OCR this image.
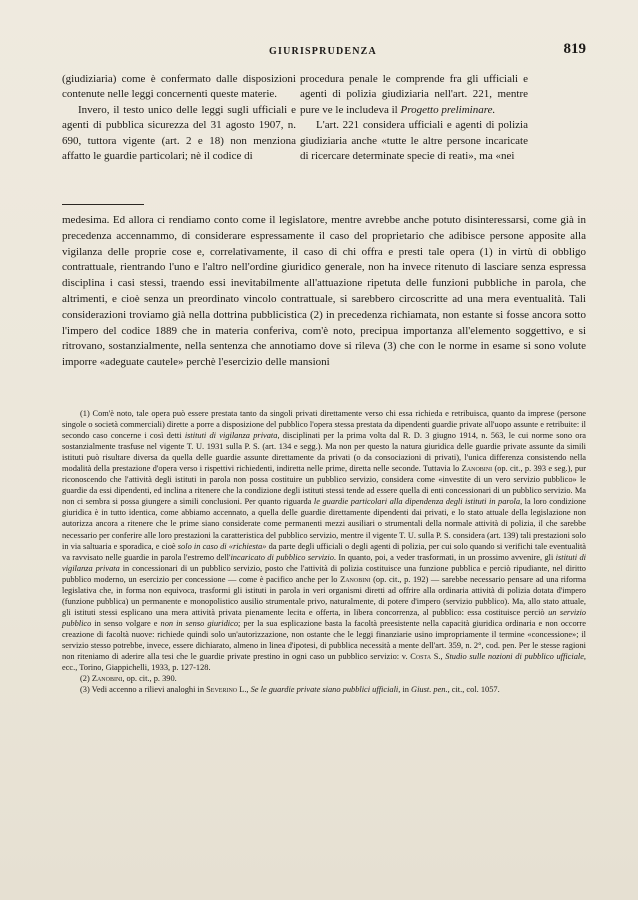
GIURISPRUDENZA	819

(giudiziaria) come è confermato dalle disposizioni contenute nelle leggi concernenti queste materie.

Invero, il testo unico delle leggi sugli ufficiali e agenti di pubblica sicurezza del 31 agosto 1907, n. 690, tuttora vigente (art. 2 e 18) non menziona affatto le guardie particolari; nè il codice di

procedura penale le comprende fra gli ufficiali e agenti di polizia giudiziaria nell'art. 221, mentre pure ve le includeva il Progetto preliminare.

L'art. 221 considera ufficiali e agenti di polizia giudiziaria anche «tutte le altre persone incaricate di ricercare determinate specie di reati», ma «nei

medesima. Ed allora ci rendiamo conto come il legislatore, mentre avrebbe anche potuto disinteressarsi, come già in precedenza accennammo, di considerare espressamente il caso del proprietario che adibisce persone apposite alla vigilanza delle proprie cose e, correlativamente, il caso di chi offra e presti tale opera (1) in virtù di obbligo contrattuale, rientrando l'uno e l'altro nell'ordine giuridico generale, non ha invece ritenuto di lasciare senza espressa disciplina i casi stessi, traendo essi inevitabilmente all'attuazione ripetuta delle funzioni pubbliche in parola, che altrimenti, e cioè senza un preordinato vincolo contrattuale, si sarebbero circoscritte ad una mera eventualità. Tali considerazioni troviamo già nella dottrina pubblicistica (2) in precedenza richiamata, non estante si fosse ancora sotto l'impero del codice 1889 che in materia conferiva, com'è noto, precipua importanza all'elemento soggettivo, e si ritrovano, sostanzialmente, nella sentenza che annotiamo dove si rileva (3) che con le norme in esame si sono volute imporre «adeguate cautele» perchè l'esercizio delle mansioni

(1) Com'è noto, tale opera può essere prestata tanto da singoli privati direttamente verso chi essa richieda e retribuisca, quanto da imprese (persone singole o società commerciali) dirette a porre a disposizione del pubblico l'opera stessa prestata da dipendenti guardie private all'uopo assunte e retribuite: il secondo caso concerne i così detti istituti di vigilanza privata, disciplinati per la prima volta dal R. D. 3 giugno 1914, n. 563, le cui norme sono ora sostanzialmente trasfuse nel vigente T. U. 1931 sulla P. S. (art. 134 e segg.). Ma non per questo la natura giuridica delle guardie private assunte da simili istituti può risultare diversa da quella delle guardie assunte direttamente da privati (o da consociazioni di privati), l'unica differenza consistendo nella modalità della prestazione d'opera verso i rispettivi richiedenti, indiretta nelle prime, diretta nelle seconde. Tuttavia lo Zanobini (op. cit., p. 393 e seg.), pur riconoscendo che l'attività degli istituti in parola non possa costituire un pubblico servizio, considera come «investite di un vero servizio pubblico» le guardie da essi dipendenti, ed inclina a ritenere che la condizione degli istituti stessi tende ad essere quella di enti concessionari di un pubblico servizio. Ma non ci sembra si possa giungere a simili conclusioni. Per quanto riguarda le guardie particolari alla dipendenza degli istituti in parola, la loro condizione giuridica è in tutto identica, come abbiamo accennato, a quella delle guardie direttamente dipendenti dai privati, e lo stato attuale della legislazione non autorizza ancora a ritenere che le prime siano considerate come permanenti mezzi ausiliari o strumentali della normale attività di polizia, il che sarebbe necessario per conferire alle loro prestazioni la caratteristica del pubblico servizio, mentre il vigente T. U. sulla P. S. considera (art. 139) tali prestazioni solo in via saltuaria e sporadica, e cioè solo in caso di «richiesta» da parte degli ufficiali o degli agenti di polizia, per cui solo quando si verifichi tale eventualità va ravvisato nelle guardie in parola l'estremo dell'incaricato di pubblico servizio. In quanto, poi, a veder trasformati, in un prossimo avvenire, gli istituti di vigilanza privata in concessionari di un pubblico servizio, posto che l'attività di polizia costituisce una funzione pubblica e perciò ripudiante, nel diritto pubblico moderno, un esercizio per concessione — come è pacifico anche per lo Zanobini (op. cit., p. 192) — sarebbe necessario pensare ad una riforma legislativa che, in forma non equivoca, trasformi gli istituti in parola in veri organismi diretti ad offrire alla ordinaria attività di polizia dotata d'impero (funzione pubblica) un permanente e monopolistico ausilio strumentale privo, naturalmente, di potere d'impero (servizio pubblico). Ma, allo stato attuale, gli istituti stessi esplicano una mera attività privata pienamente lecita e offerta, in libera concorrenza, al pubblico: essa costituisce perciò un servizio pubblico in senso volgare e non in senso giuridico; per la sua esplicazione basta la facoltà preesistente nella capacità giuridica ordinaria e non occorre creazione di facoltà nuove: richiede quindi solo un'autorizzazione, non ostante che le leggi finanziarie usino impropriamente il termine «concessione»; il servizio stesso potrebbe, invece, essere dichiarato, almeno in linea d'ipotesi, di pubblica necessità a mente dell'art. 359, n. 2°, cod. pen. Per le stesse ragioni non riteniamo di aderire alla tesi che le guardie private prestino in ogni caso un pubblico servizio: v. Costa S., Studio sulle nozioni di pubblico ufficiale, ecc., Torino, Giappichelli, 1933, p. 127-128.

(2) Zanobini, op. cit., p. 390.

(3) Vedi accenno a rilievi analoghi in Severino L., Se le guardie private siano pubblici ufficiali, in Giust. pen., cit., col. 1057.
